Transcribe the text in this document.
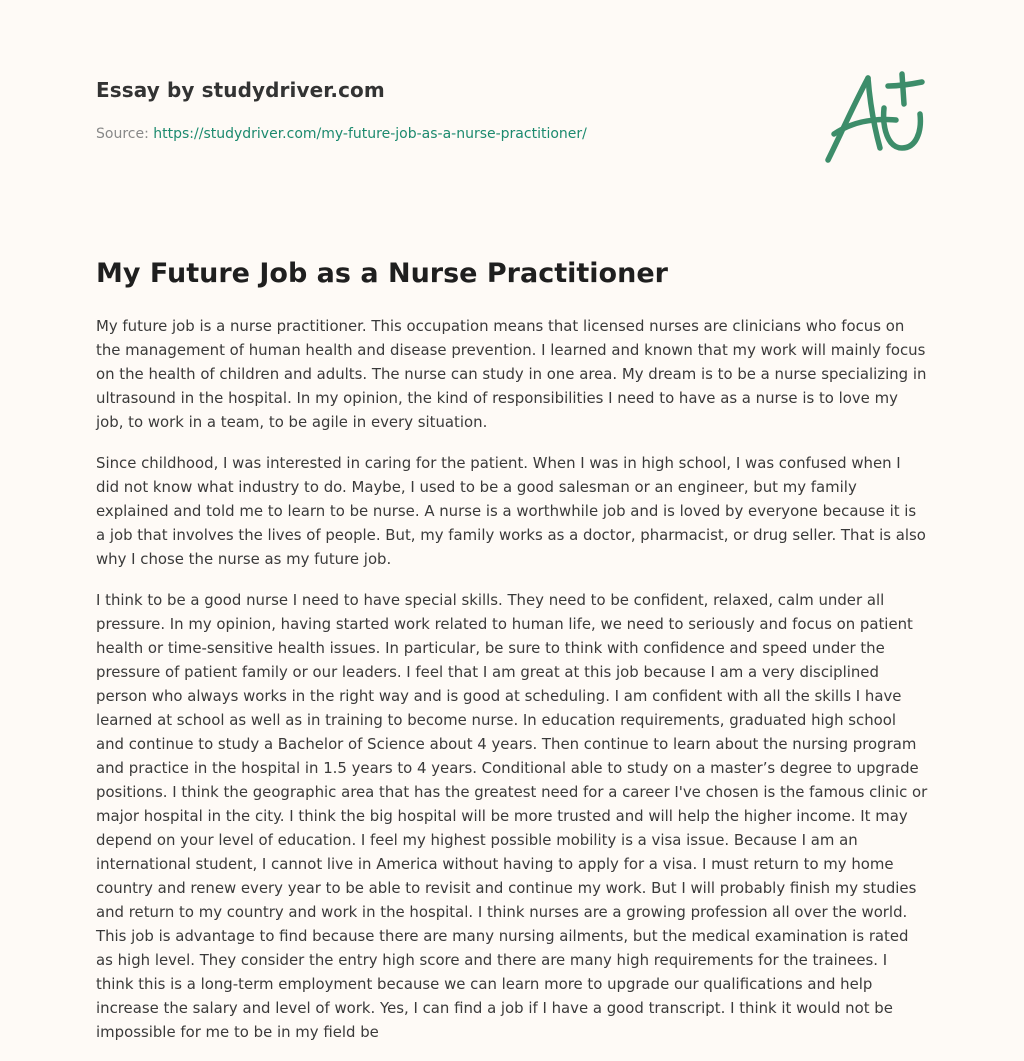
Essay by studydriver.com
Source: https://studydriver.com/my-future-job-as-a-nurse-practitioner/
My Future Job as a Nurse Practitioner

My future job is a nurse practitioner. This occupation means that licensed nurses are clinicians who focus on the management of human health and disease prevention. I learned and known that my work will mainly focus on the health of children and adults. The nurse can study in one area. My dream is to be a nurse specializing in ultrasound in the hospital. In my opinion, the kind of responsibilities I need to have as a nurse is to love my job, to work in a team, to be agile in every situation.

Since childhood, I was interested in caring for the patient. When I was in high school, I was confused when I did not know what industry to do. Maybe, I used to be a good salesman or an engineer, but my family explained and told me to learn to be nurse. A nurse is a worthwhile job and is loved by everyone because it is a job that involves the lives of people. But, my family works as a doctor, pharmacist, or drug seller. That is also why I chose the nurse as my future job.

I think to be a good nurse I need to have special skills. They need to be confident, relaxed, calm under all pressure. In my opinion, having started work related to human life, we need to seriously and focus on patient health or time-sensitive health issues. In particular, be sure to think with confidence and speed under the pressure of patient family or our leaders. I feel that I am great at this job because I am a very disciplined person who always works in the right way and is good at scheduling. I am confident with all the skills I have learned at school as well as in training to become nurse. In education requirements, graduated high school and continue to study a Bachelor of Science about 4 years. Then continue to learn about the nursing program and practice in the hospital in 1.5 years to 4 years. Conditional able to study on a master’s degree to upgrade positions. I think the geographic area that has the greatest need for a career I've chosen is the famous clinic or major hospital in the city. I think the big hospital will be more trusted and will help the higher income. It may depend on your level of education. I feel my highest possible mobility is a visa issue. Because I am an international student, I cannot live in America without having to apply for a visa. I must return to my home country and renew every year to be able to revisit and continue my work. But I will probably finish my studies and return to my country and work in the hospital. I think nurses are a growing profession all over the world. This job is advantage to find because there are many nursing ailments, but the medical examination is rated as high level. They consider the entry high score and there are many high requirements for the trainees. I think this is a long-term employment because we can learn more to upgrade our qualifications and help increase the salary and level of work. Yes, I can find a job if I have a good transcript. I think it would not be impossible for me to be in my field be
